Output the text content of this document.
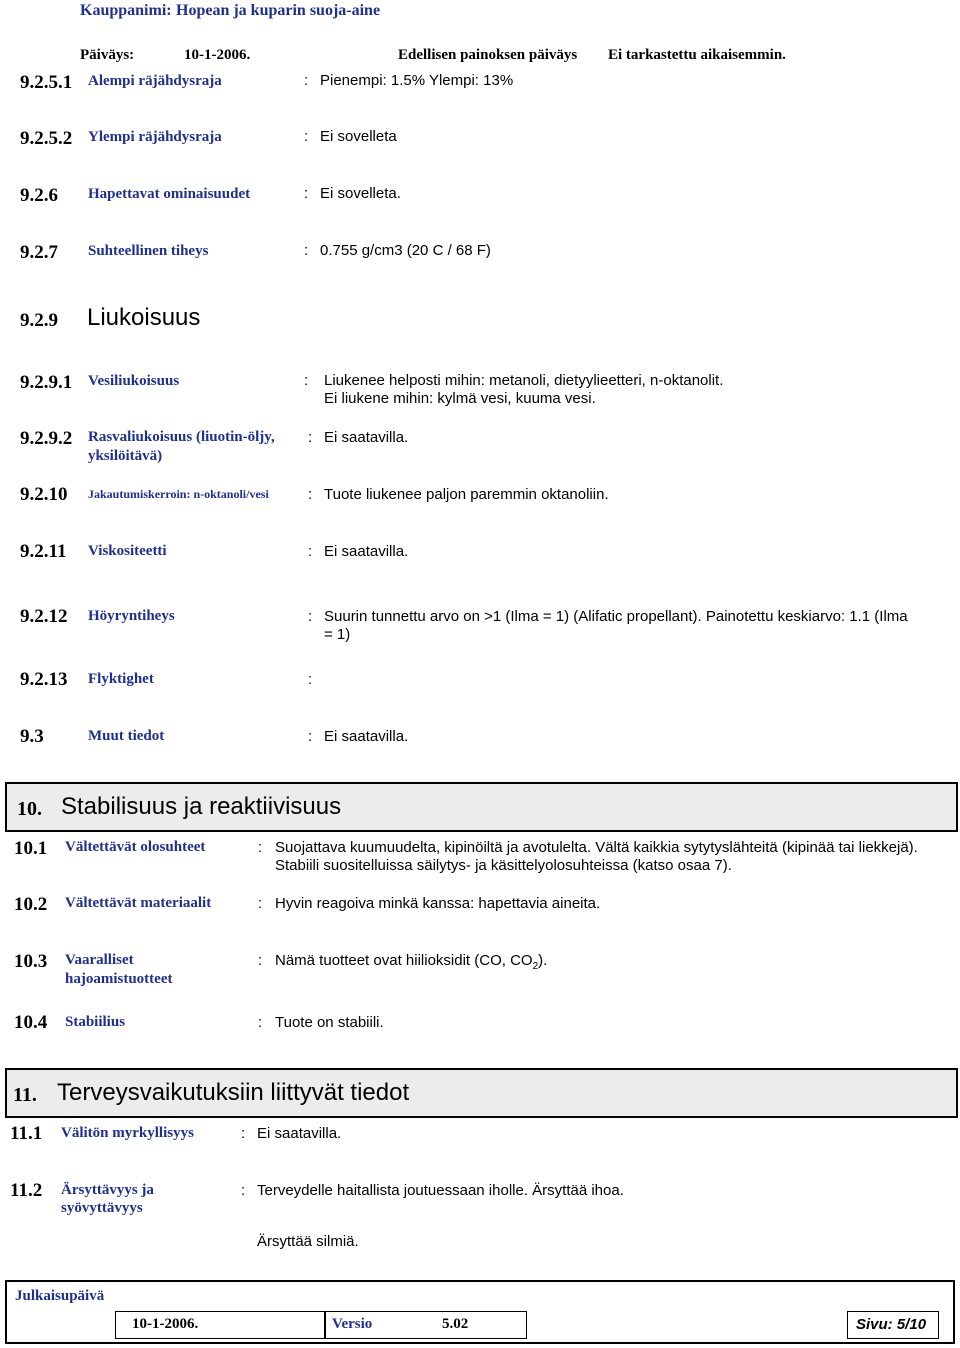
Kauppanimi: Hopean ja kuparin suoja-aine
Päiväys:	10-1-2006.	Edellisen painoksen päiväys Ei tarkastettu aikaisemmin.
9.2.5.1 Alempi räjähdysraja	: Pienempi: 1.5% Ylempi: 13%
9.2.5.2 Ylempi räjähdysraja	: Ei sovelleta
9.2.6 Hapettavat ominaisuudet	: Ei sovelleta.
9.2.7 Suhteellinen tiheys	: 0.755 g/cm3 (20 C / 68 F)
9.2.9 Liukoisuus
9.2.9.1 Vesiliukoisuus	: Liukenee helposti mihin: metanoli, dietyylieetteri, n-oktanolit.
Ei liukene mihin: kylmä vesi, kuuma vesi.
9.2.9.2 Rasvaliukoisuus (liuotin-öljy,
yksilöitävä)
: Ei saatavilla.
9.2.10 Jakautumiskerroin: n-oktanoli/vesi	: Tuote liukenee paljon paremmin oktanoliin.
9.2.11 Viskositeetti	: Ei saatavilla.
9.2.12 Höyryntiheys	: Suurin tunnettu arvo on >1 (Ilma = 1) (Alifatic propellant). Painotettu keskiarvo: 1.1 (Ilma
= 1)
9.2.13 Flyktighet	:
9.3	Muut tiedot	: Ei saatavilla.
10. Stabilisuus ja reaktiivisuus
10.1 Vältettävät olosuhteet	: Suojattava kuumuudelta, kipinöiltä ja avotulelta. Vältä kaikkia sytytyslähteitä (kipinää tai liekkejä).
Stabiili suositelluissa säilytys- ja käsittelyolosuhteissa (katso osaa 7).
10.2 Vältettävät materiaalit	: Hyvin reagoiva minkä kanssa: hapettavia aineita.
10.3 Vaaralliset
hajoamistuotteet
: Nämä tuotteet ovat hiilioksidit (CO, $CO_2$).
10.4 Stabiilius	: Tuote on stabiili.
11. Terveysvaikutuksiin liittyvät tiedot
11.1 Välitön myrkyllisyys	: Ei saatavilla.
11.2 Ärsyttävyys ja
syövyttävyys
: Terveydelle haitallista joutuessaan iholle. Ärsyttää ihoa.
Ärsyttää silmiä.
Julkaisupäivä
10-1-2006.	Versio	5.02	Sivu: 5/10
